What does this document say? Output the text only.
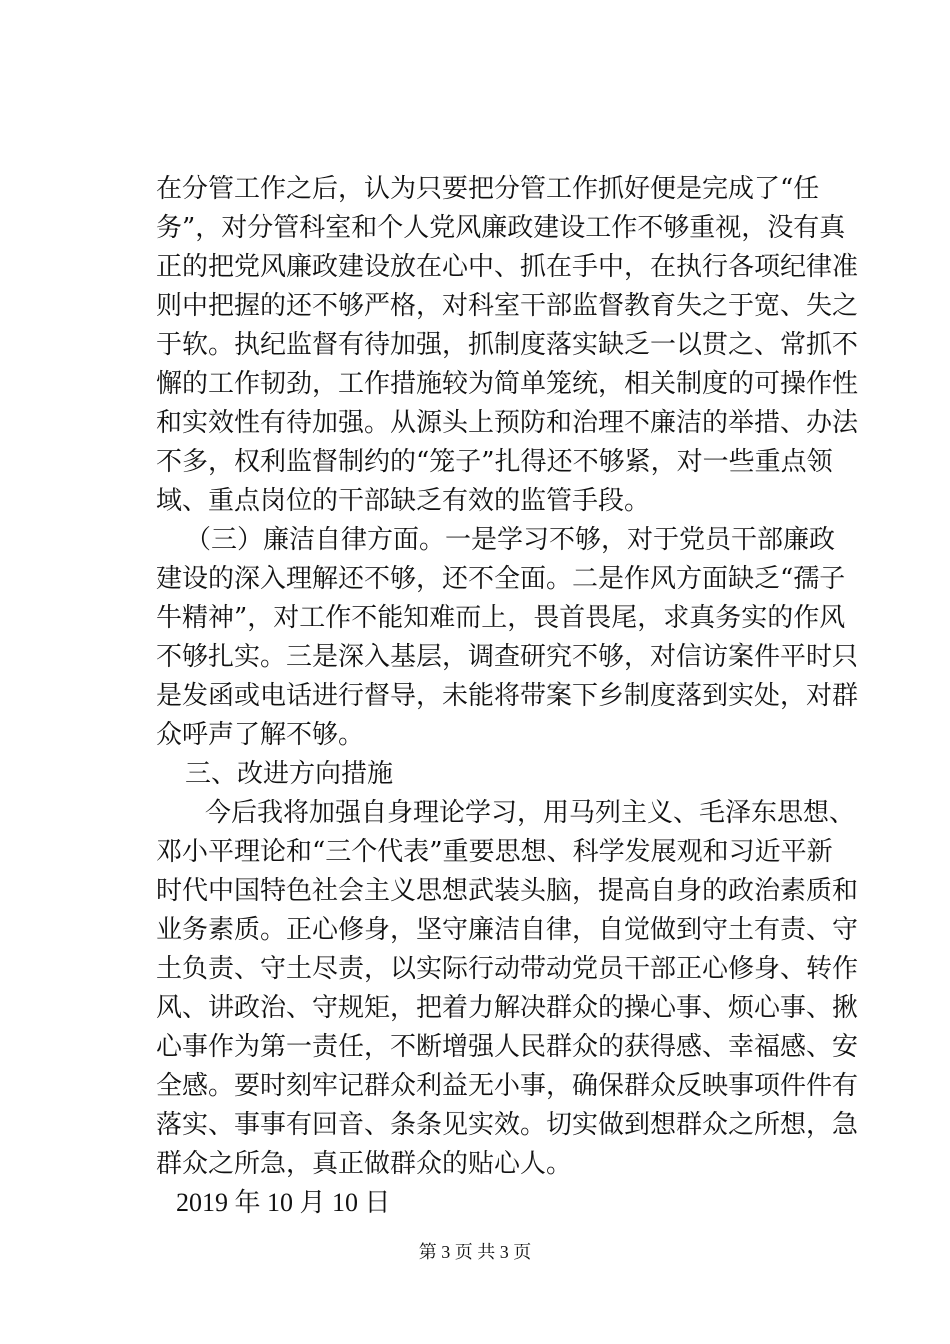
在分管工作之后，认为只要把分管工作抓好便是完成了“任
务”，对分管科室和个人党风廉政建设工作不够重视，没有真
正的把党风廉政建设放在心中、抓在手中，在执行各项纪律准
则中把握的还不够严格，对科室干部监督教育失之于宽、失之
于软。执纪监督有待加强，抓制度落实缺乏一以贯之、常抓不
懈的工作韧劲，工作措施较为简单笼统，相关制度的可操作性
和实效性有待加强。从源头上预防和治理不廉洁的举措、办法
不多，权利监督制约的“笼子”扎得还不够紧，对一些重点领
域、重点岗位的干部缺乏有效的监管手段。
（三）廉洁自律方面。一是学习不够，对于党员干部廉政
建设的深入理解还不够，还不全面。二是作风方面缺乏“孺子
牛精神”，对工作不能知难而上，畏首畏尾，求真务实的作风
不够扎实。三是深入基层，调查研究不够，对信访案件平时只
是发函或电话进行督导，未能将带案下乡制度落到实处，对群
众呼声了解不够。
三、改进方向措施
今后我将加强自身理论学习，用马列主义、毛泽东思想、
邓小平理论和“三个代表”重要思想、科学发展观和习近平新
时代中国特色社会主义思想武装头脑，提高自身的政治素质和
业务素质。正心修身，坚守廉洁自律，自觉做到守土有责、守
土负责、守土尽责，以实际行动带动党员干部正心修身、转作
风、讲政治、守规矩，把着力解决群众的操心事、烦心事、揪
心事作为第一责任，不断增强人民群众的获得感、幸福感、安
全感。要时刻牢记群众利益无小事，确保群众反映事项件件有
落实、事事有回音、条条见实效。切实做到想群众之所想，急
群众之所急，真正做群众的贴心人。
2019 年 10 月 10 日
第 3 页 共 3 页
